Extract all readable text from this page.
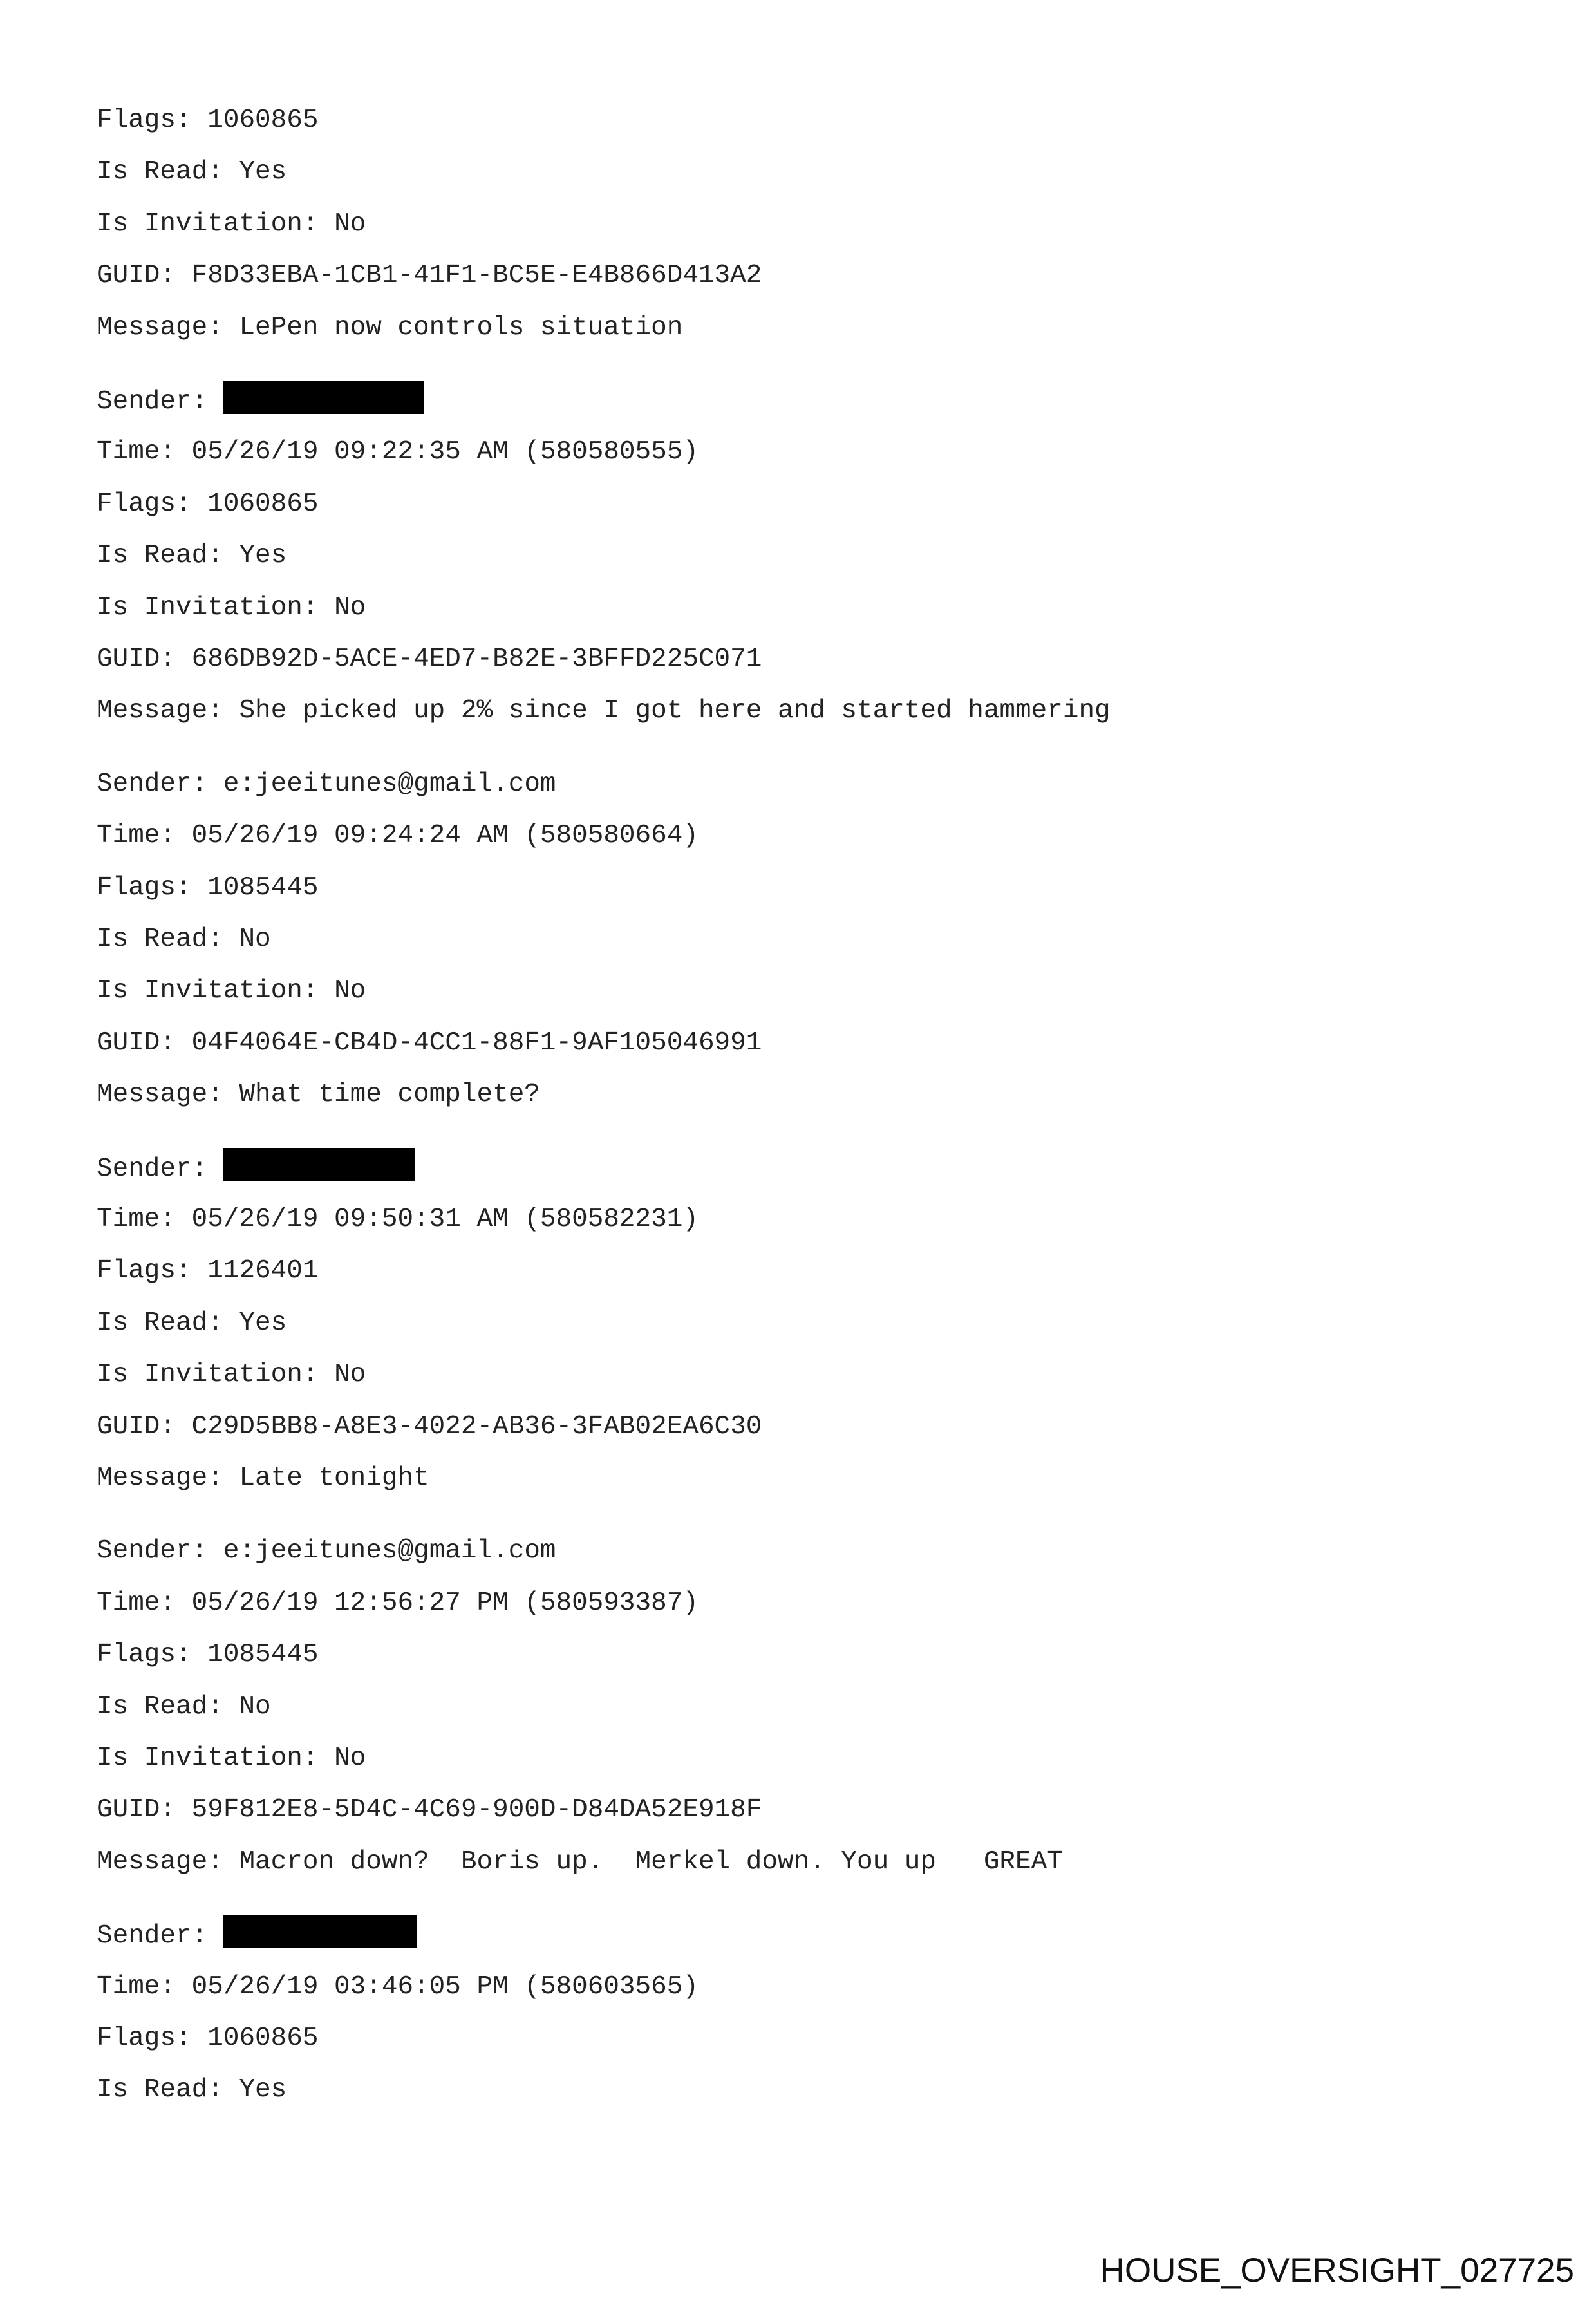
Flags: 1060865
Is Read: Yes
Is Invitation: No
GUID: F8D33EBA-1CB1-41F1-BC5E-E4B866D413A2
Message: LePen now controls situation
Sender:
Time: 05/26/19 09:22:35 AM (580580555)
Flags: 1060865
Is Read: Yes
Is Invitation: No
GUID: 686DB92D-5ACE-4ED7-B82E-3BFFD225C071
Message: She picked up 2% since I got here and started hammering
Sender: e:jeeitunes@gmail.com
Time: 05/26/19 09:24:24 AM (580580664)
Flags: 1085445
Is Read: No
Is Invitation: No
GUID: 04F4064E-CB4D-4CC1-88F1-9AF105046991
Message: What time complete?
Sender:
Time: 05/26/19 09:50:31 AM (580582231)
Flags: 1126401
Is Read: Yes
Is Invitation: No
GUID: C29D5BB8-A8E3-4022-AB36-3FAB02EA6C30
Message: Late tonight
Sender: e:jeeitunes@gmail.com
Time: 05/26/19 12:56:27 PM (580593387)
Flags: 1085445
Is Read: No
Is Invitation: No
GUID: 59F812E8-5D4C-4C69-900D-D84DA52E918F
Message: Macron down?  Boris up.  Merkel down. You up   GREAT
Sender:
Time: 05/26/19 03:46:05 PM (580603565)
Flags: 1060865
Is Read: Yes
HOUSE_OVERSIGHT_027725
